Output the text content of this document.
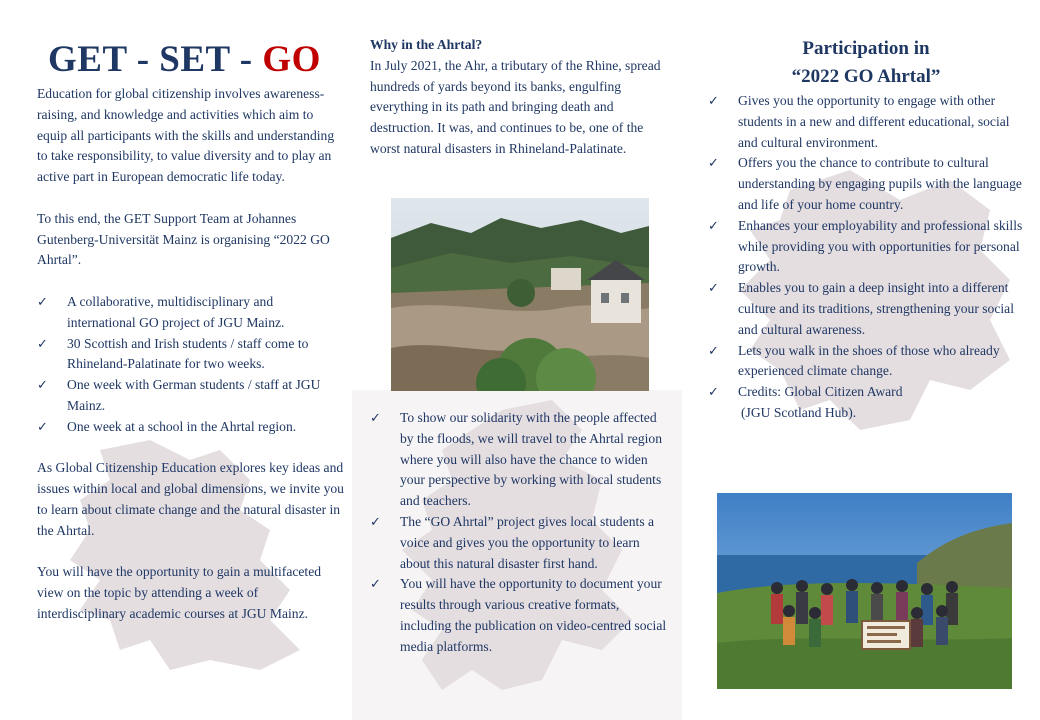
GET - SET - GO

Education for global citizenship involves awareness-raising, and knowledge and activities which aim to equip all participants with the skills and understanding to take responsibility, to value diversity and to play an active part in European democratic life today.

To this end, the GET Support Team at Johannes Gutenberg-Universität Mainz is organising “2022 GO Ahrtal”.

✓ A collaborative, multidisciplinary and international GO project of JGU Mainz.
✓ 30 Scottish and Irish students / staff come to Rhineland-Palatinate for two weeks.
✓ One week with German students / staff at JGU Mainz.
✓ One week at a school in the Ahrtal region.

As Global Citizenship Education explores key ideas and issues within local and global dimensions, we invite you to learn about climate change and the natural disaster in the Ahrtal.

You will have the opportunity to gain a multifaceted view on the topic by attending a week of interdisciplinary academic courses at JGU Mainz.

Why in the Ahrtal?

In July 2021, the Ahr, a tributary of the Rhine, spread hundreds of yards beyond its banks, engulfing everything in its path and bringing death and destruction. It was, and continues to be, one of the worst natural disasters in Rhineland-Palatinate.

✓ To show our solidarity with the people affected by the floods, we will travel to the Ahrtal region where you will also have the chance to widen your perspective by working with local students and teachers.
✓ The “GO Ahrtal” project gives local students a voice and gives you the opportunity to learn about this natural disaster first hand.
✓ You will have the opportunity to document your results through various creative formats, including the publication on video-centred social media platforms.
Participation in
“2022 GO Ahrtal”
✓ Gives you the opportunity to engage with other students in a new and different educational, social and cultural environment.
✓ Offers you the chance to contribute to cultural understanding by engaging pupils with the language and life of your home country.
✓ Enhances your employability and professional skills while providing you with opportunities for personal growth.
✓ Enables you to gain a deep insight into a different culture and its traditions, strengthening your social and cultural awareness.
✓ Lets you walk in the shoes of those who already experienced climate change.
✓ Credits: Global Citizen Award
(JGU Scotland Hub).
